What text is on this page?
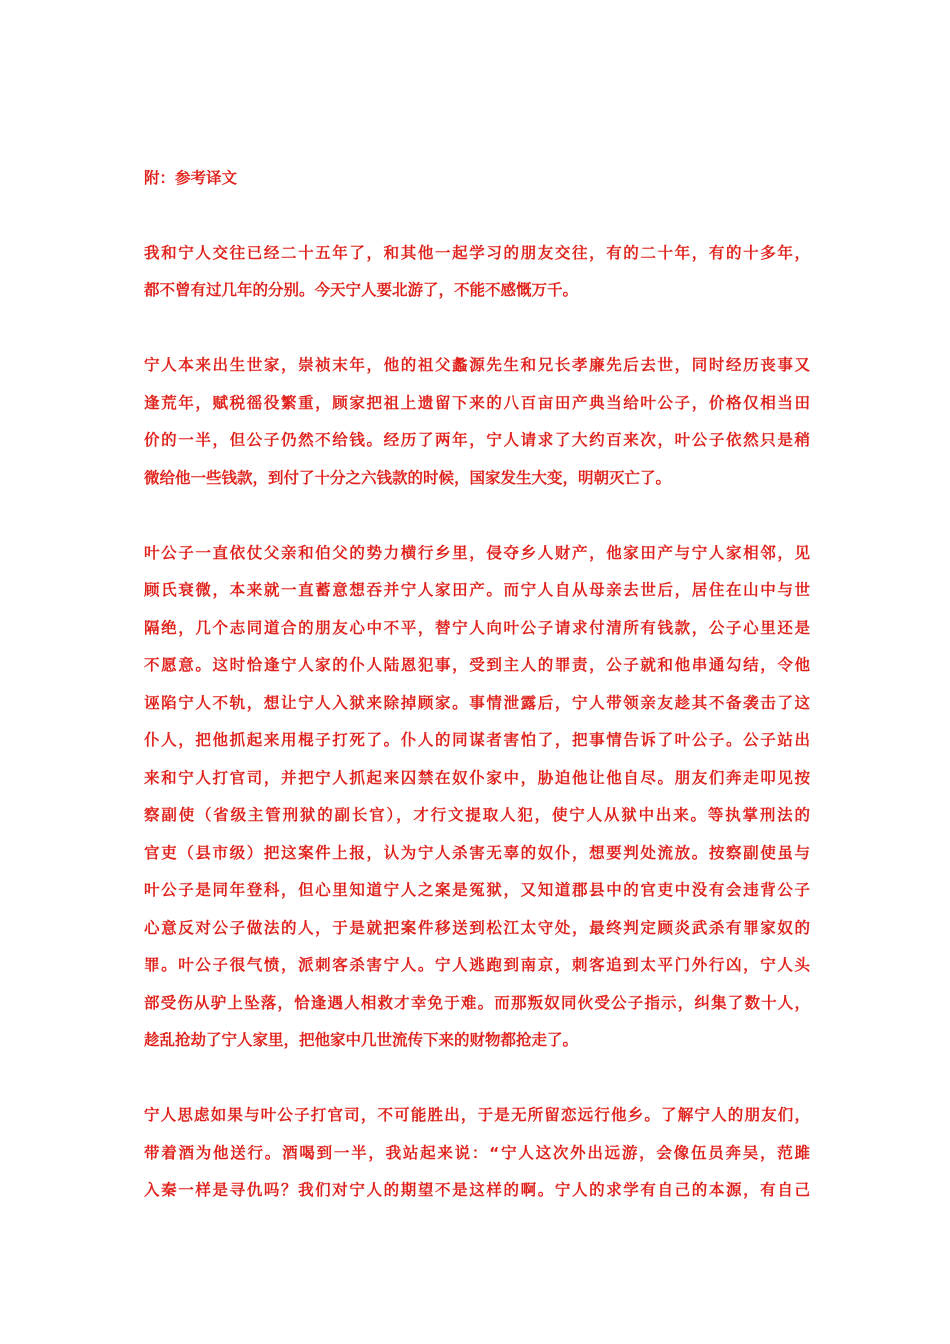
附：参考译文
我和宁人交往已经二十五年了，和其他一起学习的朋友交往，有的二十年，有的十多年，
都不曾有过几年的分别。今天宁人要北游了，不能不感慨万千。
宁人本来出生世家，崇祯末年，他的祖父蠡源先生和兄长孝廉先后去世，同时经历丧事又
逢荒年，赋税徭役繁重，顾家把祖上遗留下来的八百亩田产典当给叶公子，价格仅相当田
价的一半，但公子仍然不给钱。经历了两年，宁人请求了大约百来次，叶公子依然只是稍
微给他一些钱款，到付了十分之六钱款的时候，国家发生大变，明朝灭亡了。
叶公子一直依仗父亲和伯父的势力横行乡里，侵夺乡人财产，他家田产与宁人家相邻，见
顾氏衰微，本来就一直蓄意想吞并宁人家田产。而宁人自从母亲去世后，居住在山中与世
隔绝，几个志同道合的朋友心中不平，替宁人向叶公子请求付清所有钱款，公子心里还是
不愿意。这时恰逢宁人家的仆人陆恩犯事，受到主人的罪责，公子就和他串通勾结，令他
诬陷宁人不轨，想让宁人入狱来除掉顾家。事情泄露后，宁人带领亲友趁其不备袭击了这
仆人，把他抓起来用棍子打死了。仆人的同谋者害怕了，把事情告诉了叶公子。公子站出
来和宁人打官司，并把宁人抓起来囚禁在奴仆家中，胁迫他让他自尽。朋友们奔走叩见按
察副使（省级主管刑狱的副长官），才行文提取人犯，使宁人从狱中出来。等执掌刑法的
官吏（县市级）把这案件上报，认为宁人杀害无辜的奴仆，想要判处流放。按察副使虽与
叶公子是同年登科，但心里知道宁人之案是冤狱，又知道郡县中的官吏中没有会违背公子
心意反对公子做法的人，于是就把案件移送到松江太守处，最终判定顾炎武杀有罪家奴的
罪。叶公子很气愤，派刺客杀害宁人。宁人逃跑到南京，刺客追到太平门外行凶，宁人头
部受伤从驴上坠落，恰逢遇人相救才幸免于难。而那叛奴同伙受公子指示，纠集了数十人，
趁乱抢劫了宁人家里，把他家中几世流传下来的财物都抢走了。
宁人思虑如果与叶公子打官司，不可能胜出，于是无所留恋远行他乡。了解宁人的朋友们，
带着酒为他送行。酒喝到一半，我站起来说：“宁人这次外出远游，会像伍员奔吴，范雎
入秦一样是寻仇吗？我们对宁人的期望不是这样的啊。宁人的求学有自己的本源，有自己
